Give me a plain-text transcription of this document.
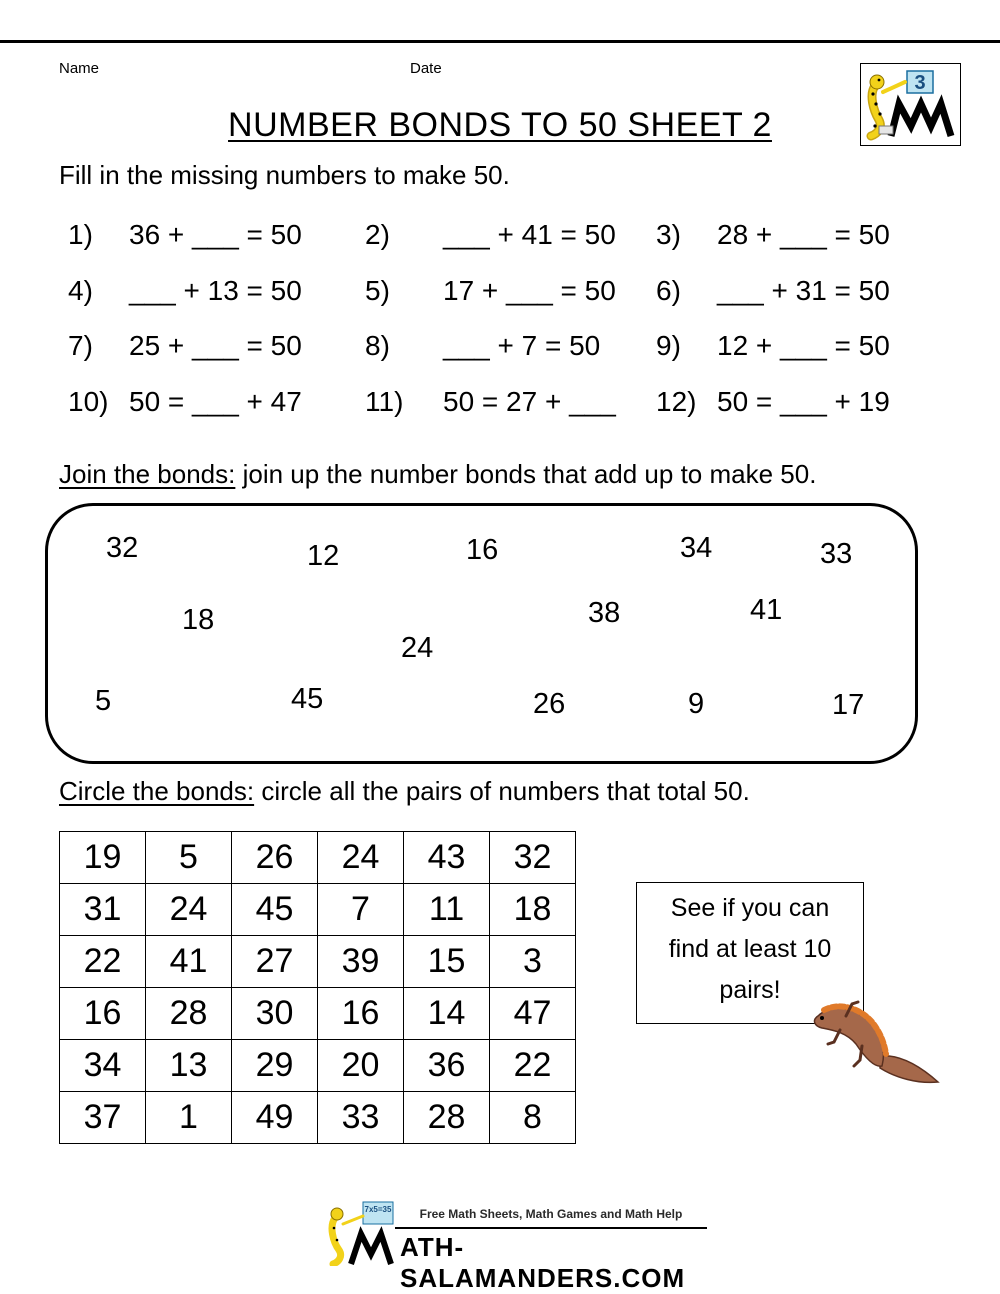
Name	Date
3
NUMBER BONDS TO 50 SHEET 2
Fill in the missing numbers to make 50.
1) 36 + ___ = 50 2) ___ + 41 = 50 3) 28 + ___ = 50
4) ___ + 13 = 50 5) 17 + ___ = 50 6) ___ + 31 = 50
7) 25 + ___ = 50 8) ___ + 7 = 50 9) 12 + ___ = 50
10) 50 = ___ + 47 11) 50 = 27 + ___ 12) 50 = ___ + 19
Join the bonds: join up the number bonds that add up to make 50.
32	12	16	34	33
18	38	41
24
5	45	26	9	17
Circle the bonds: circle all the pairs of numbers that total 50.
19	5	26	24	43	32
31	24	45	7	11	18
22	41	27	39	15	3
16	28	30	16	14	47
34	13	29	20	36	22
37	1	49	33	28	8
See if you can
find at least 10
pairs!
7x5=35	Free Math Sheets, Math Games and Math Help
ATH-SALAMANDERS.COM
